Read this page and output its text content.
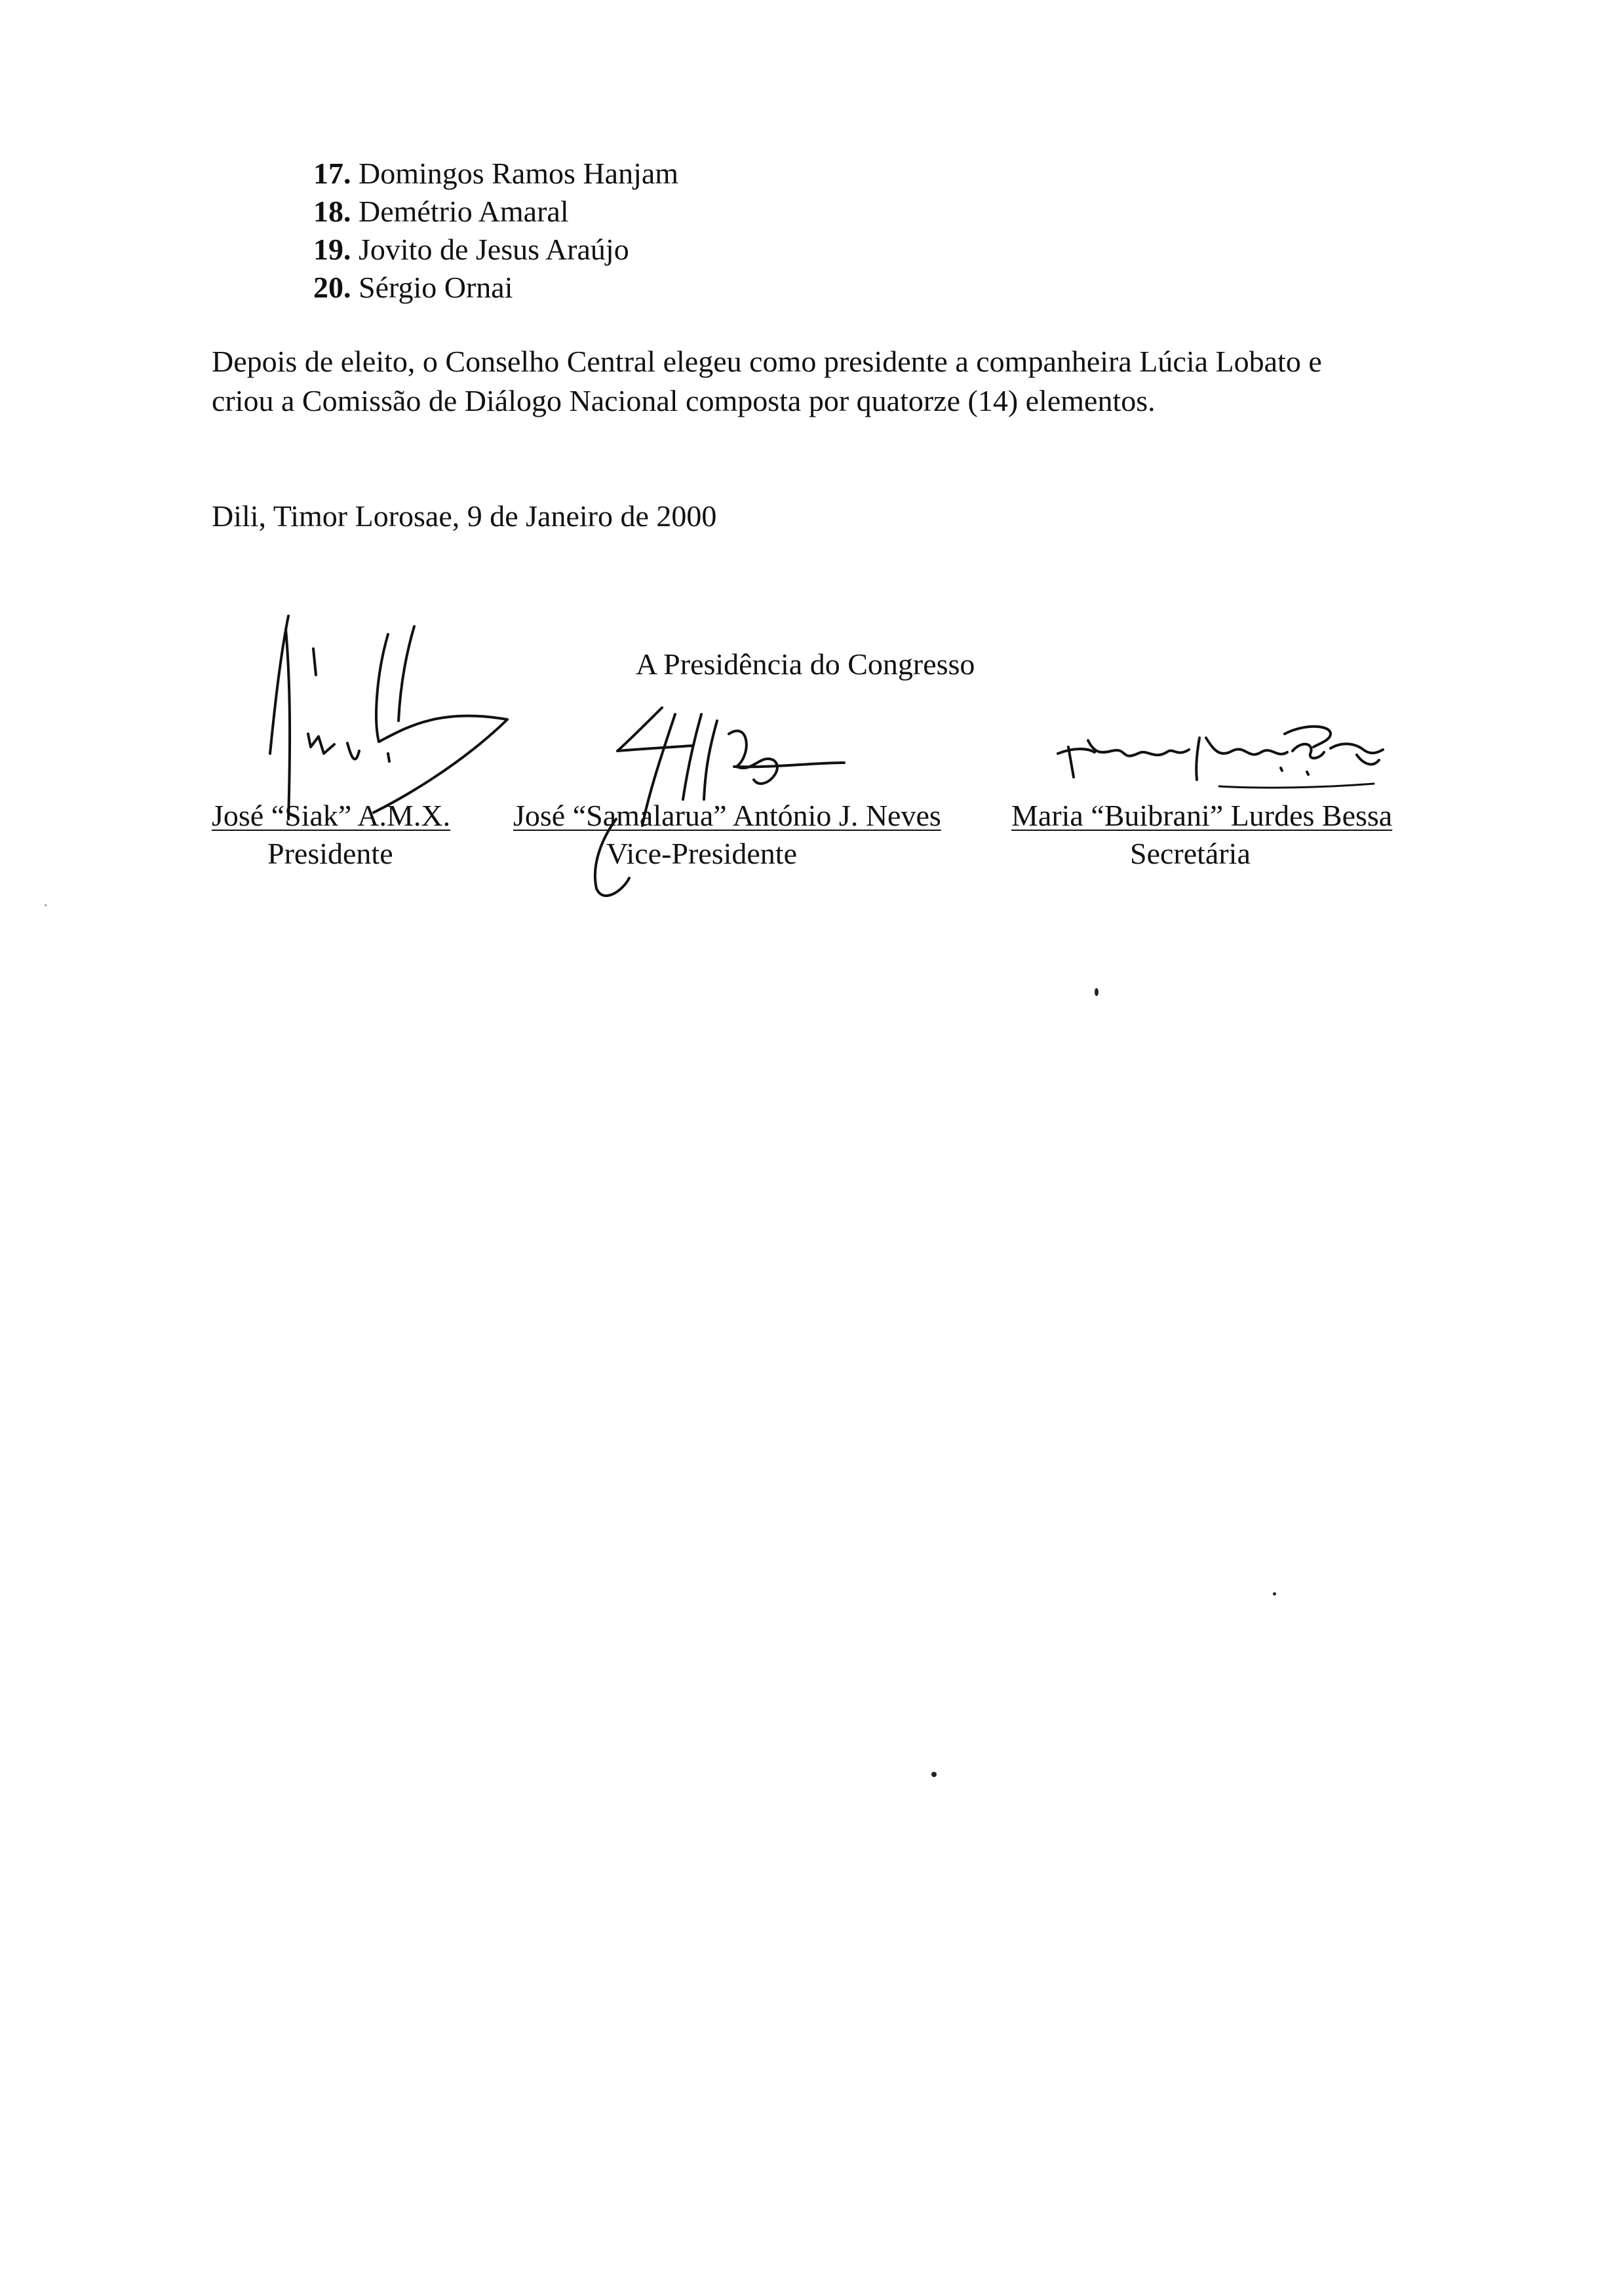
17. Domingos Ramos Hanjam
18. Demétrio Amaral
19. Jovito de Jesus Araújo
20. Sérgio Ornai

Depois de eleito, o Conselho Central elegeu como presidente a companheira Lúcia Lobato e

criou a Comissão de Diálogo Nacional composta por quatorze (14) elementos.

Dili, Timor Lorosae, 9 de Janeiro de 2000
A Presidência do Congresso
José “Siak” A.M.X.
Presidente
José “Samalarua” António J. Neves
Vice-Presidente
Maria “Buibrani” Lurdes Bessa
Secretária
